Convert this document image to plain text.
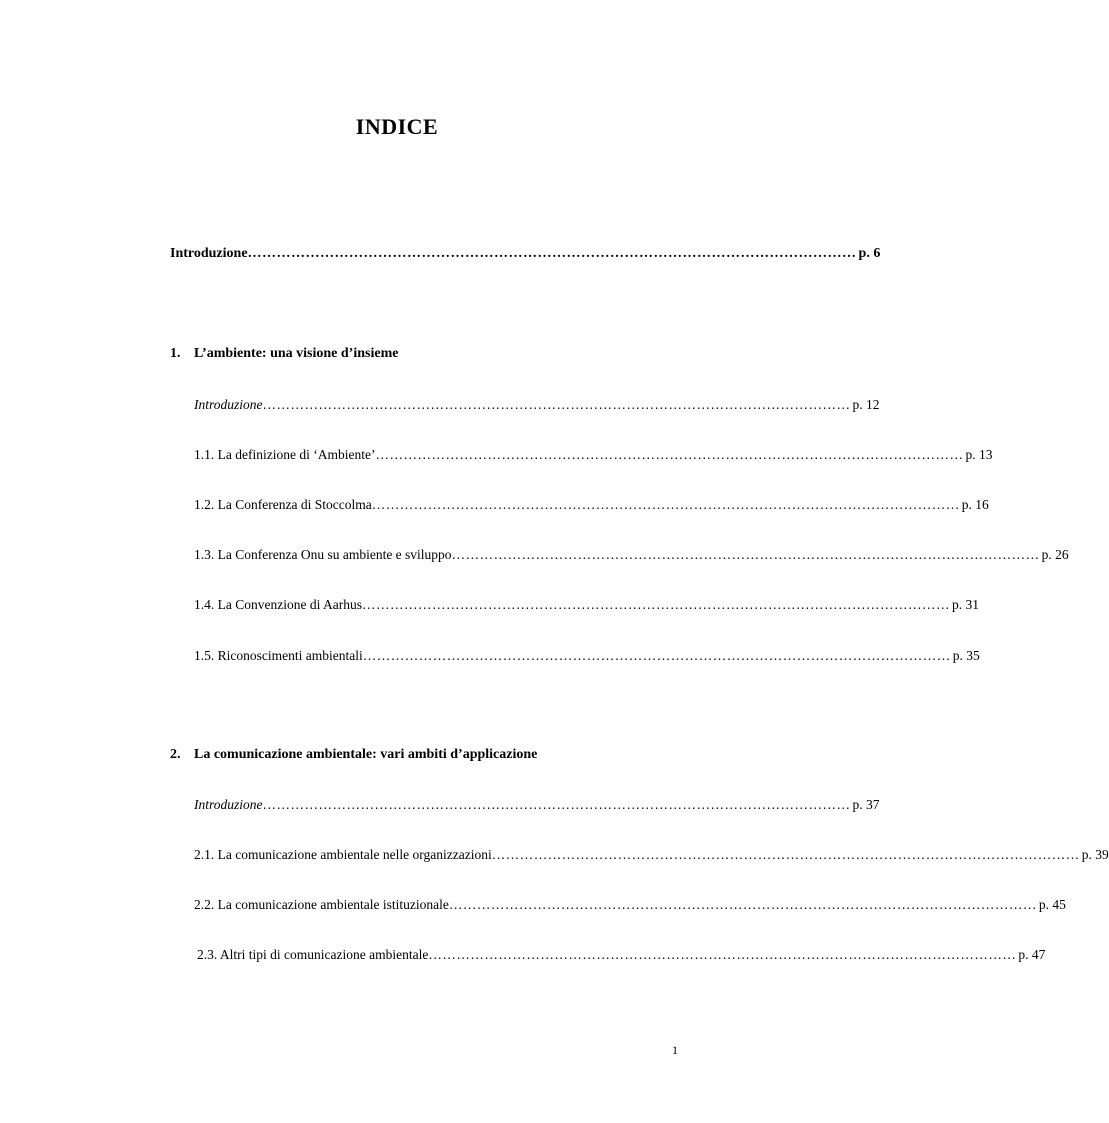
INDICE
Introduzione ……………………………………………………………………………………………………………… p. 6
1. L’ambiente: una visione d’insieme
Introduzione ……………………………………………………………………………………………………………… p. 12
1.1. La definizione di ‘Ambiente’ ……………………………………………………………………………………………………………… p. 13
1.2. La Conferenza di Stoccolma ……………………………………………………………………………………………………………… p. 16
1.3. La Conferenza Onu su ambiente e sviluppo ……………………………………………………………………………………………………………… p. 26
1.4. La Convenzione di Aarhus ……………………………………………………………………………………………………………… p. 31
1.5. Riconoscimenti ambientali ……………………………………………………………………………………………………………… p. 35
2. La comunicazione ambientale: vari ambiti d’applicazione
Introduzione ……………………………………………………………………………………………………………… p. 37
2.1. La comunicazione ambientale nelle organizzazioni ……………………………………………………………………………………………………………… p. 39
2.2. La comunicazione ambientale istituzionale ……………………………………………………………………………………………………………… p. 45
2.3. Altri tipi di comunicazione ambientale ……………………………………………………………………………………………………………… p. 47
1
